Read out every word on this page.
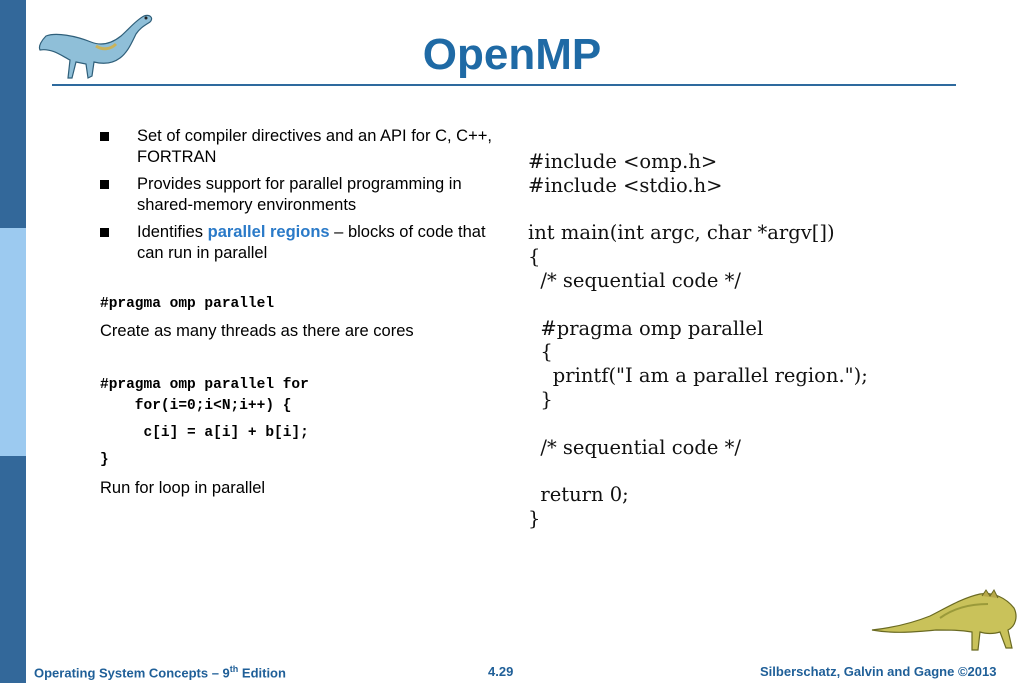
OpenMP
Set of compiler directives and an API for C, C++, FORTRAN
Provides support for parallel programming in shared-memory environments
Identifies parallel regions – blocks of code that can run in parallel
#pragma omp parallel
Create as many threads as there are cores
#pragma omp parallel for
for(i=0;i<N;i++) {
c[i] = a[i] + b[i];
}
Run for loop in parallel
#include <omp.h>
#include <stdio.h>
int main(int argc, char *argv[])
{
/* sequential code */
#pragma omp parallel
{
printf("I am a parallel region.");
}
/* sequential code */
return 0;
}
Operating System Concepts – 9th Edition	4.29	Silberschatz, Galvin and Gagne ©2013
